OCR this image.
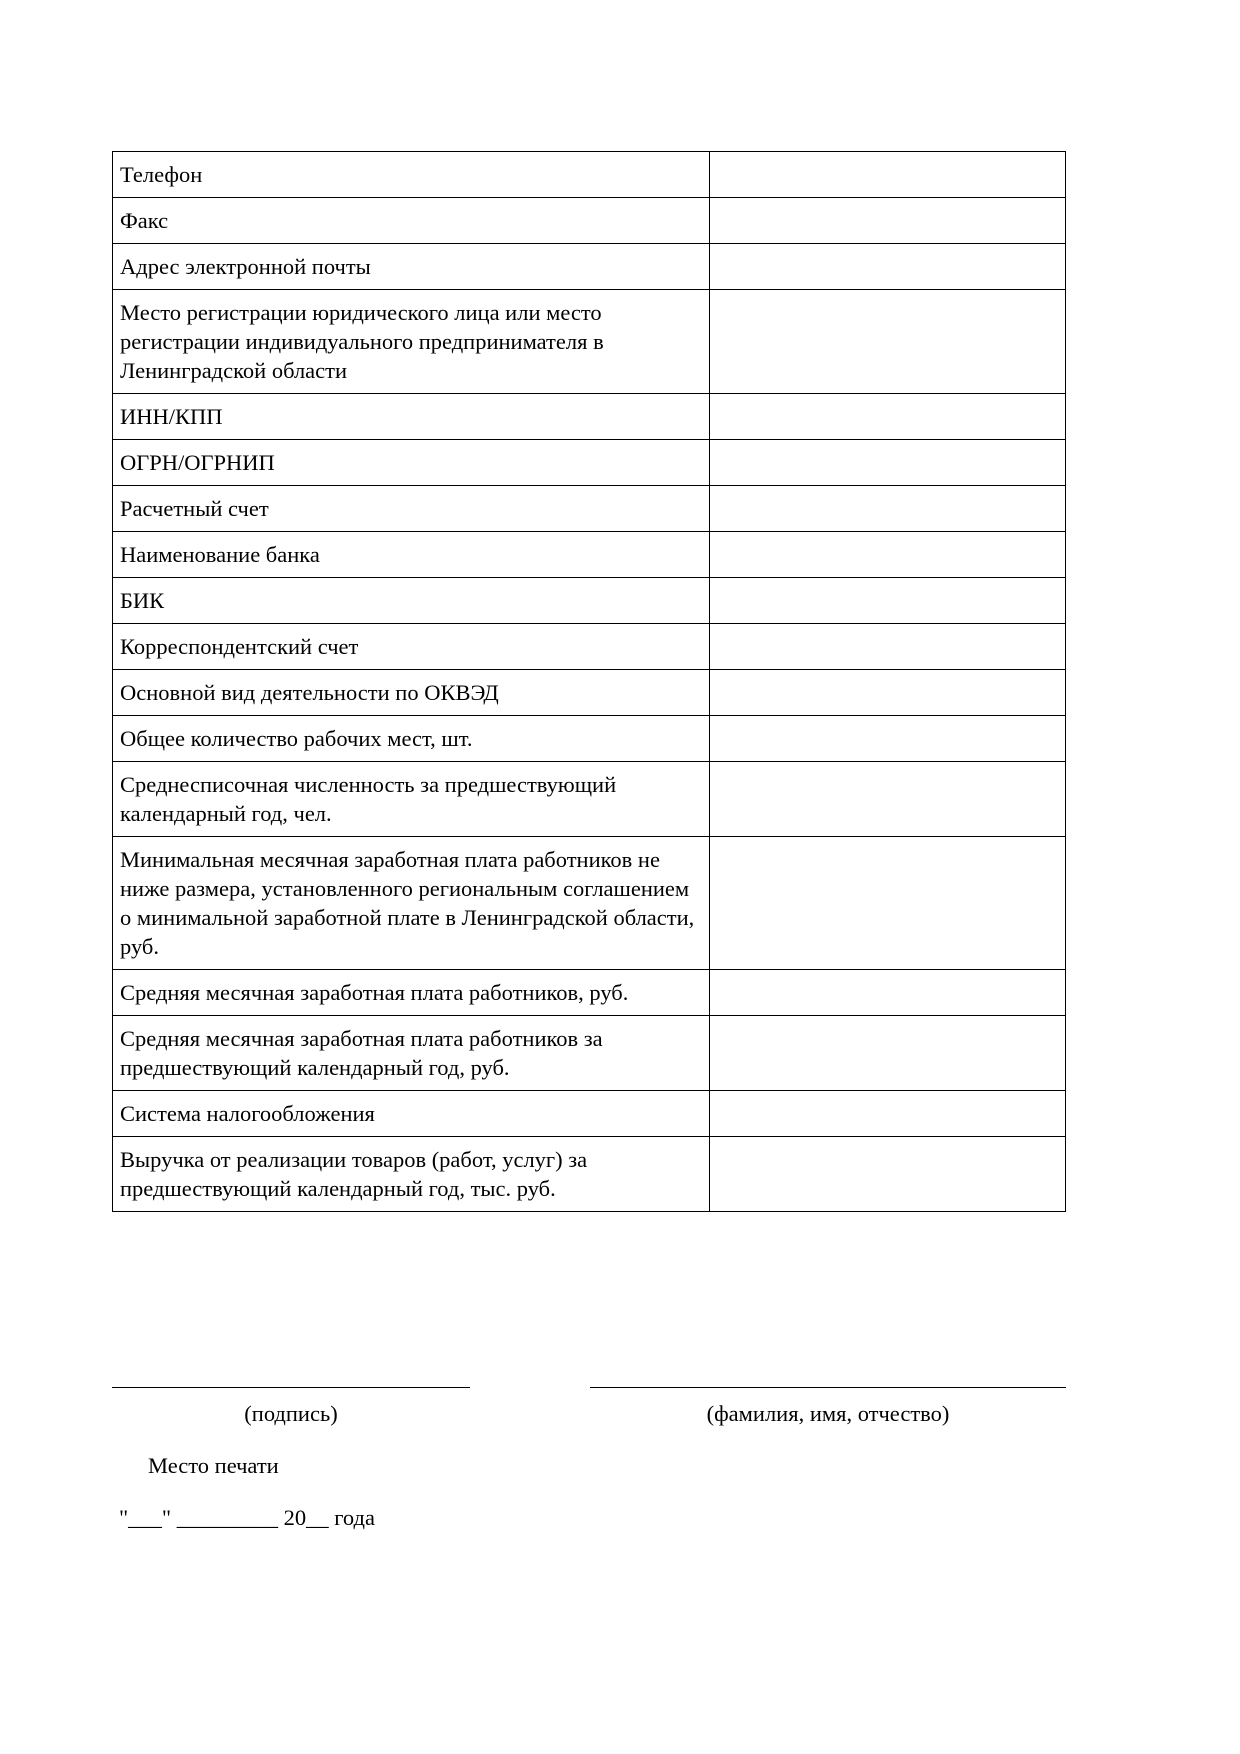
Телефон	
Факс	
Адрес электронной почты	
Место регистрации юридического лица или место регистрации индивидуального предпринимателя в Ленинградской области	
ИНН/КПП	
ОГРН/ОГРНИП	
Расчетный счет	
Наименование банка	
БИК	
Корреспондентский счет	
Основной вид деятельности по ОКВЭД	
Общее количество рабочих мест, шт.	
Среднесписочная численность за предшествующий календарный год, чел.	
Минимальная месячная заработная плата работников не ниже размера, установленного региональным соглашением о минимальной заработной плате в Ленинградской области, руб.	
Средняя месячная заработная плата работников, руб.	
Средняя месячная заработная плата работников за предшествующий календарный год, руб.	
Система налогообложения	
Выручка от реализации товаров (работ, услуг) за предшествующий календарный год, тыс. руб.	
(подпись)	(фамилия, имя, отчество)
Место печати
"___" _________ 20__ года
